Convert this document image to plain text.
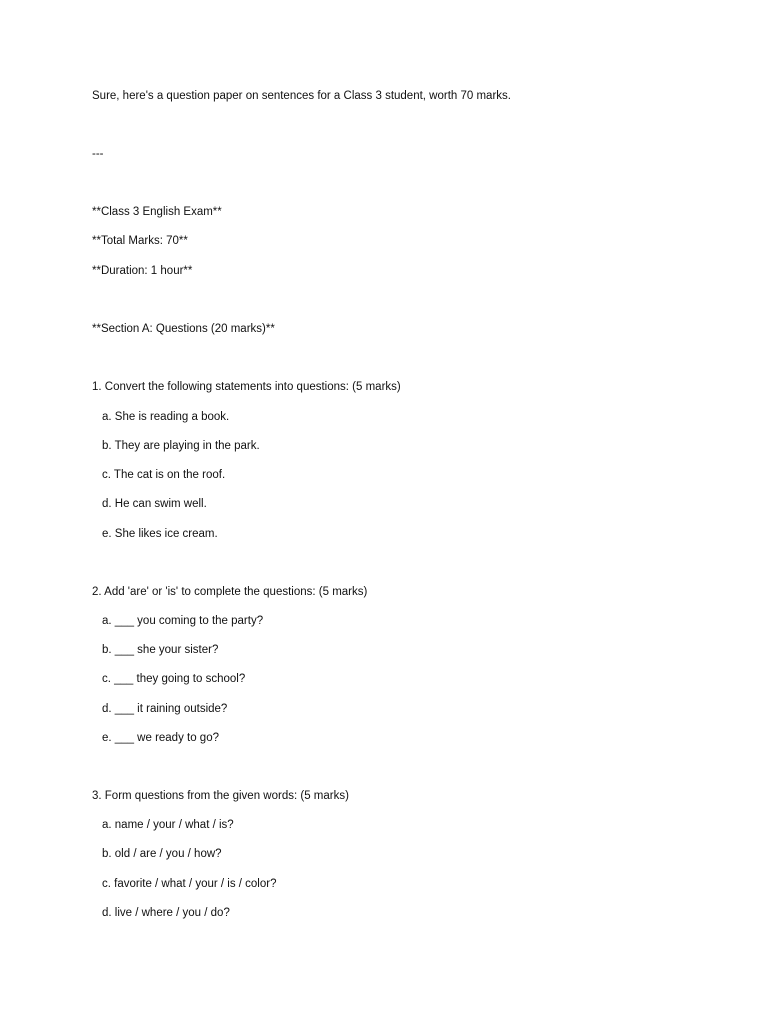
Sure, here's a question paper on sentences for a Class 3 student, worth 70 marks.
---
**Class 3 English Exam**
**Total Marks: 70**
**Duration: 1 hour**
**Section A: Questions (20 marks)**
1. Convert the following statements into questions: (5 marks)
a. She is reading a book.
b. They are playing in the park.
c. The cat is on the roof.
d. He can swim well.
e. She likes ice cream.
2. Add 'are' or 'is' to complete the questions: (5 marks)
a. ___ you coming to the party?
b. ___ she your sister?
c. ___ they going to school?
d. ___ it raining outside?
e. ___ we ready to go?
3. Form questions from the given words: (5 marks)
a. name / your / what / is?
b. old / are / you / how?
c. favorite / what / your / is / color?
d. live / where / you / do?
